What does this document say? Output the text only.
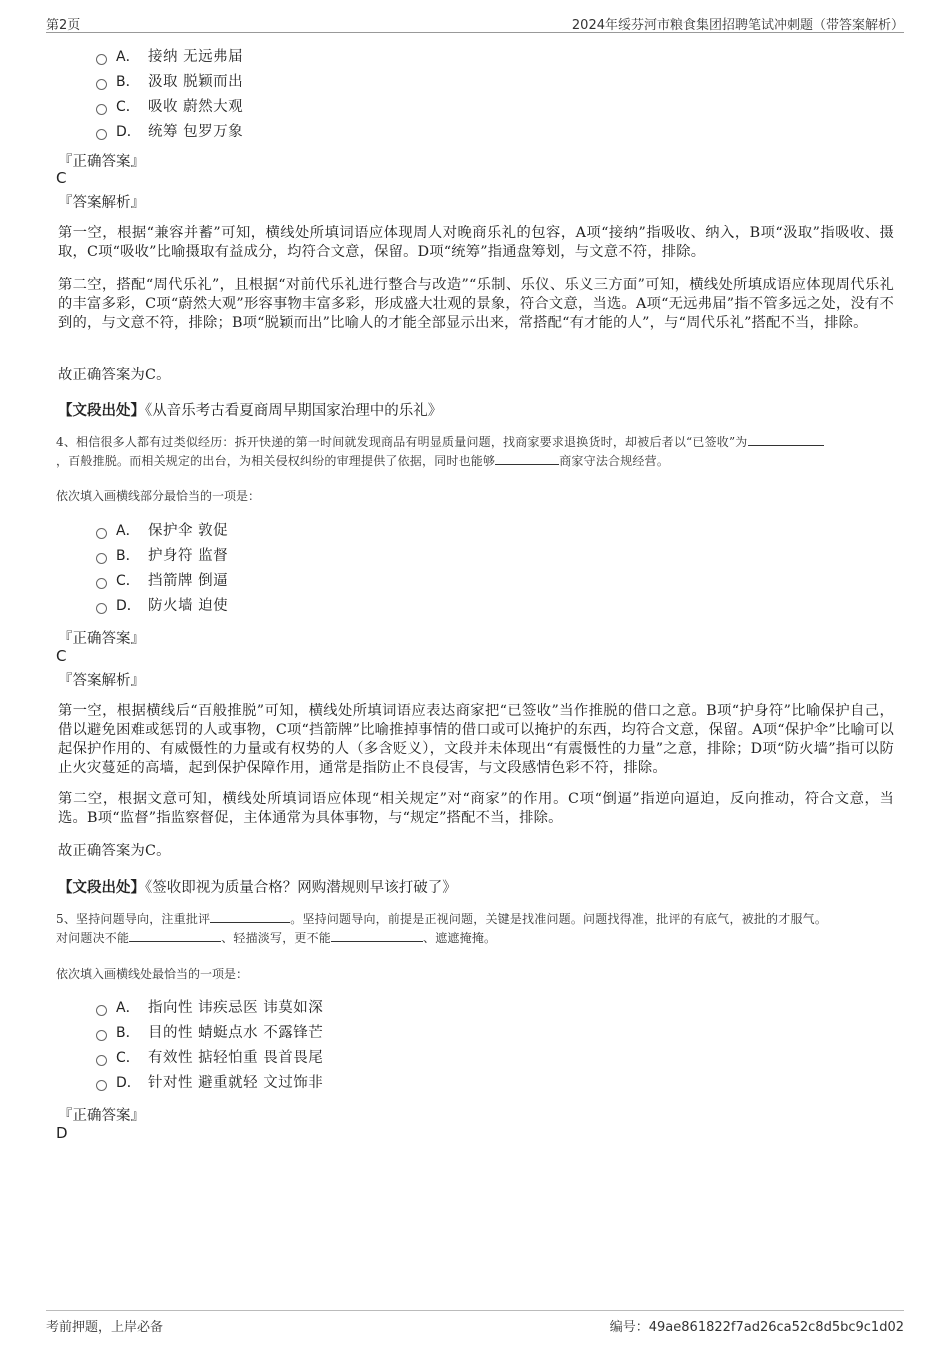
第2页	2024年绥芬河市粮食集团招聘笔试冲刺题（带答案解析）
A． 接纳 无远弗届
B． 汲取 脱颖而出
C． 吸收 蔚然大观
D． 统筹 包罗万象
『正确答案』
C
『答案解析』
第一空，根据“兼容并蓄”可知，横线处所填词语应体现周人对晚商乐礼的包容，A项“接纳”指吸收、纳入，B项“汲取”指吸收、摄取，C项“吸收”比喻摄取有益成分，均符合文意，保留。D项“统筹”指通盘筹划，与文意不符，排除。
第二空，搭配“周代乐礼”，且根据“对前代乐礼进行整合与改造”“乐制、乐仪、乐义三方面”可知，横线处所填成语应体现周代乐礼的丰富多彩，C项“蔚然大观”形容事物丰富多彩，形成盛大壮观的景象，符合文意，当选。A项“无远弗届”指不管多远之处，没有不到的，与文意不符，排除；B项“脱颖而出”比喻人的才能全部显示出来，常搭配“有才能的人”，与“周代乐礼”搭配不当，排除。
故正确答案为C。
【文段出处】《从音乐考古看夏商周早期国家治理中的乐礼》
4、相信很多人都有过类似经历：拆开快递的第一时间就发现商品有明显质量问题，找商家要求退换货时，却被后者以“已签收”为
，百般推脱。而相关规定的出台，为相关侵权纠纷的审理提供了依据，同时也能够	商家守法合规经营。
依次填入画横线部分最恰当的一项是：
A． 保护伞 敦促
B． 护身符 监督
C． 挡箭牌 倒逼
D． 防火墙 迫使
『正确答案』
C
『答案解析』
第一空，根据横线后“百般推脱”可知，横线处所填词语应表达商家把“已签收”当作推脱的借口之意。B项“护身符”比喻保护自己，借以避免困难或惩罚的人或事物，C项“挡箭牌”比喻推掉事情的借口或可以掩护的东西，均符合文意，保留。A项“保护伞”比喻可以起保护作用的、有威慑性的力量或有权势的人（多含贬义），文段并未体现出“有震慑性的力量”之意，排除；D项“防火墙”指可以防止火灾蔓延的高墙，起到保护保障作用，通常是指防止不良侵害，与文段感情色彩不符，排除。
第二空，根据文意可知，横线处所填词语应体现“相关规定”对“商家”的作用。C项“倒逼”指逆向逼迫，反向推动，符合文意，当选。B项“监督”指监察督促，主体通常为具体事物，与“规定”搭配不当，排除。
故正确答案为C。
【文段出处】《签收即视为质量合格？网购潜规则早该打破了》
5、坚持问题导向，注重批评	。坚持问题导向，前提是正视问题，关键是找准问题。问题找得准，批评的有底气，被批的才服气。
对问题决不能	、轻描淡写，更不能	、遮遮掩掩。
依次填入画横线处最恰当的一项是：
A． 指向性 讳疾忌医 讳莫如深
B． 目的性 蜻蜓点水 不露锋芒
C． 有效性 掂轻怕重 畏首畏尾
D． 针对性 避重就轻 文过饰非
『正确答案』
D
考前押题，上岸必备	编号：49ae861822f7ad26ca52c8d5bc9c1d02
